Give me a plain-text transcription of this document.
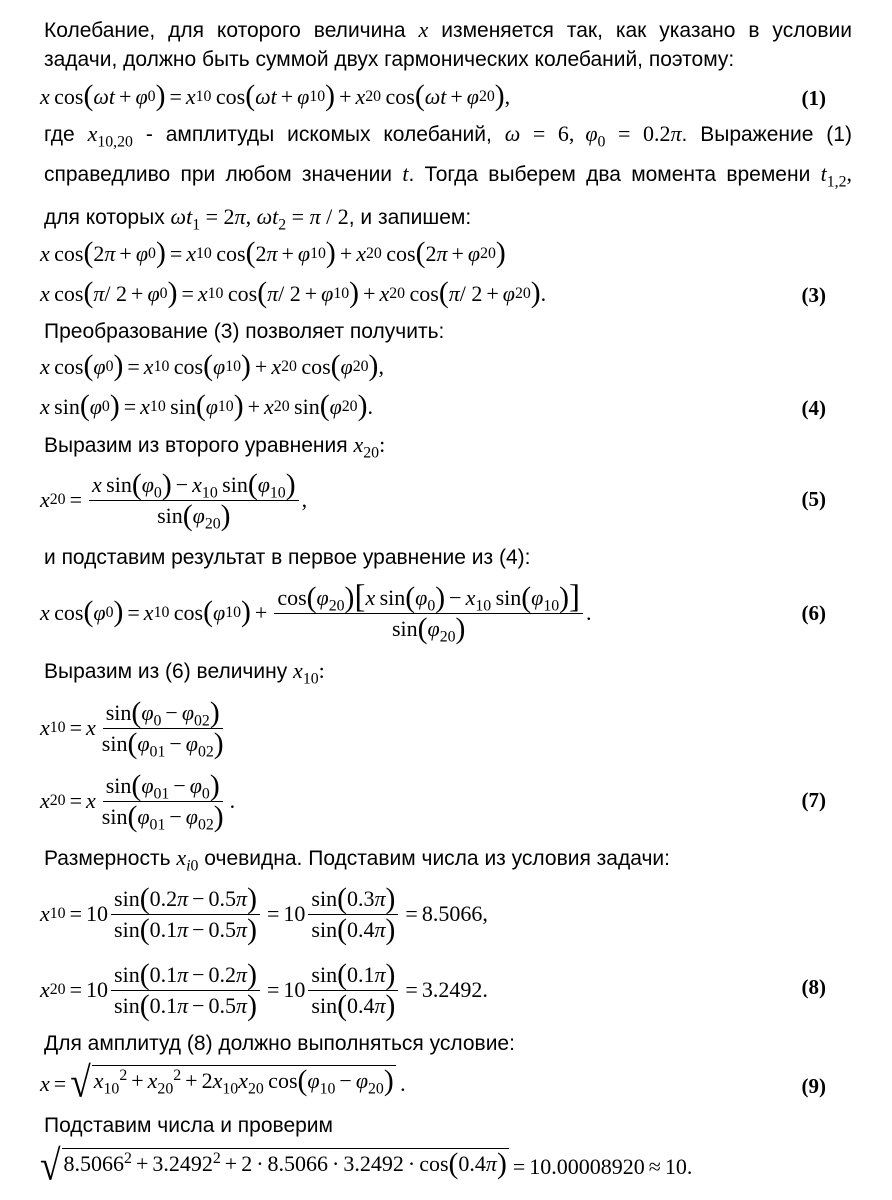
Колебание, для которого величина x изменяется так, как указано в условии

задачи, должно быть суммой двух гармонических колебаний, поэтому:

x  cos ( ωt + φ 0 ) = x 10  cos ( ωt + φ 10 ) + x 20  cos ( ωt + φ 20 ) ,	(1)

где $x_{10,20}$ - амплитуды искомых колебаний, ω = 6, $\varphi_0 = 0.2\pi$. Выражение (1)

справедливо при любом значении t. Тогда выберем два момента времени $t_{1,2}$,

для которых $\omega t_1 = 2\pi$, $\omega t_2 = \pi / 2$, и запишем:

x  cos ( 2 π + φ 0 ) = x 10  cos ( 2 π + φ 10 ) + x 20  cos ( 2 π + φ 20 )
x  cos ( π / 2 + φ 0 ) = x 10  cos ( π / 2 + φ 10 ) + x 20  cos ( π / 2 + φ 20 ) .	(3)

Преобразование (3) позволяет получить:

x  cos ( φ 0 ) = x 10  cos ( φ 10 ) + x 20  cos ( φ 20 ) ,
x  sin ( φ 0 ) = x 10  sin ( φ 10 ) + x 20  sin ( φ 20 ) .	(4)

Выразим из второго уравнения $x_{20}$:

x $20 = \frac{x \sin(\varphi_0) - x_{10} \sin(\varphi_{10})}{\sin(\varphi_{20})}$ ,	(5)

и подставим результат в первое уравнение из (4):

x  cos ( φ 0 ) = x 10  cos ( φ 10 ) + $\frac{\cos(\varphi_{20})[x \sin(\varphi_0) - x_{10} \sin(\varphi_{10})]}{\sin(\varphi_{20})}$ .	(6)

Выразим из (6) величину $x_{10}$:

x 10 = x $\frac{\sin(\varphi_0 - \varphi_{02})}{\sin(\varphi_{01} - \varphi_{02})}$
x 20 = x $\frac{\sin(\varphi_{01} - \varphi_0)}{\sin(\varphi_{01} - \varphi_{02})}$ .	(7)

Размерность $x_{i0}$ очевидна. Подставим числа из условия задачи:

x $10 = 10 \frac{\sin(0.2\pi - 0.5\pi)}{\sin(0.1\pi - 0.5\pi)} = 10 \frac{\sin(0.3\pi)}{\sin(0.4\pi)} = 8.5066$ ,
x $20 = 10 \frac{\sin(0.1\pi - 0.2\pi)}{\sin(0.1\pi - 0.5\pi)} = 10 \frac{\sin(0.1\pi)}{\sin(0.4\pi)} = 3.2492$ .	(8)

Для амплитуд (8) должно выполняться условие:

x = √ $x_{10}^2 + x_{20}^2 + 2x_{10}x_{20}$ $\cos(\varphi_{10} - \varphi_{20})$  .	(9)

Подставим числа и проверим

√ $8.5066^2 + 3.2492^2 + 2 \cdot 8.5066 \cdot 3.2492 \cdot \cos(0.4\pi) = 10.00008920 \approx 10$ .
